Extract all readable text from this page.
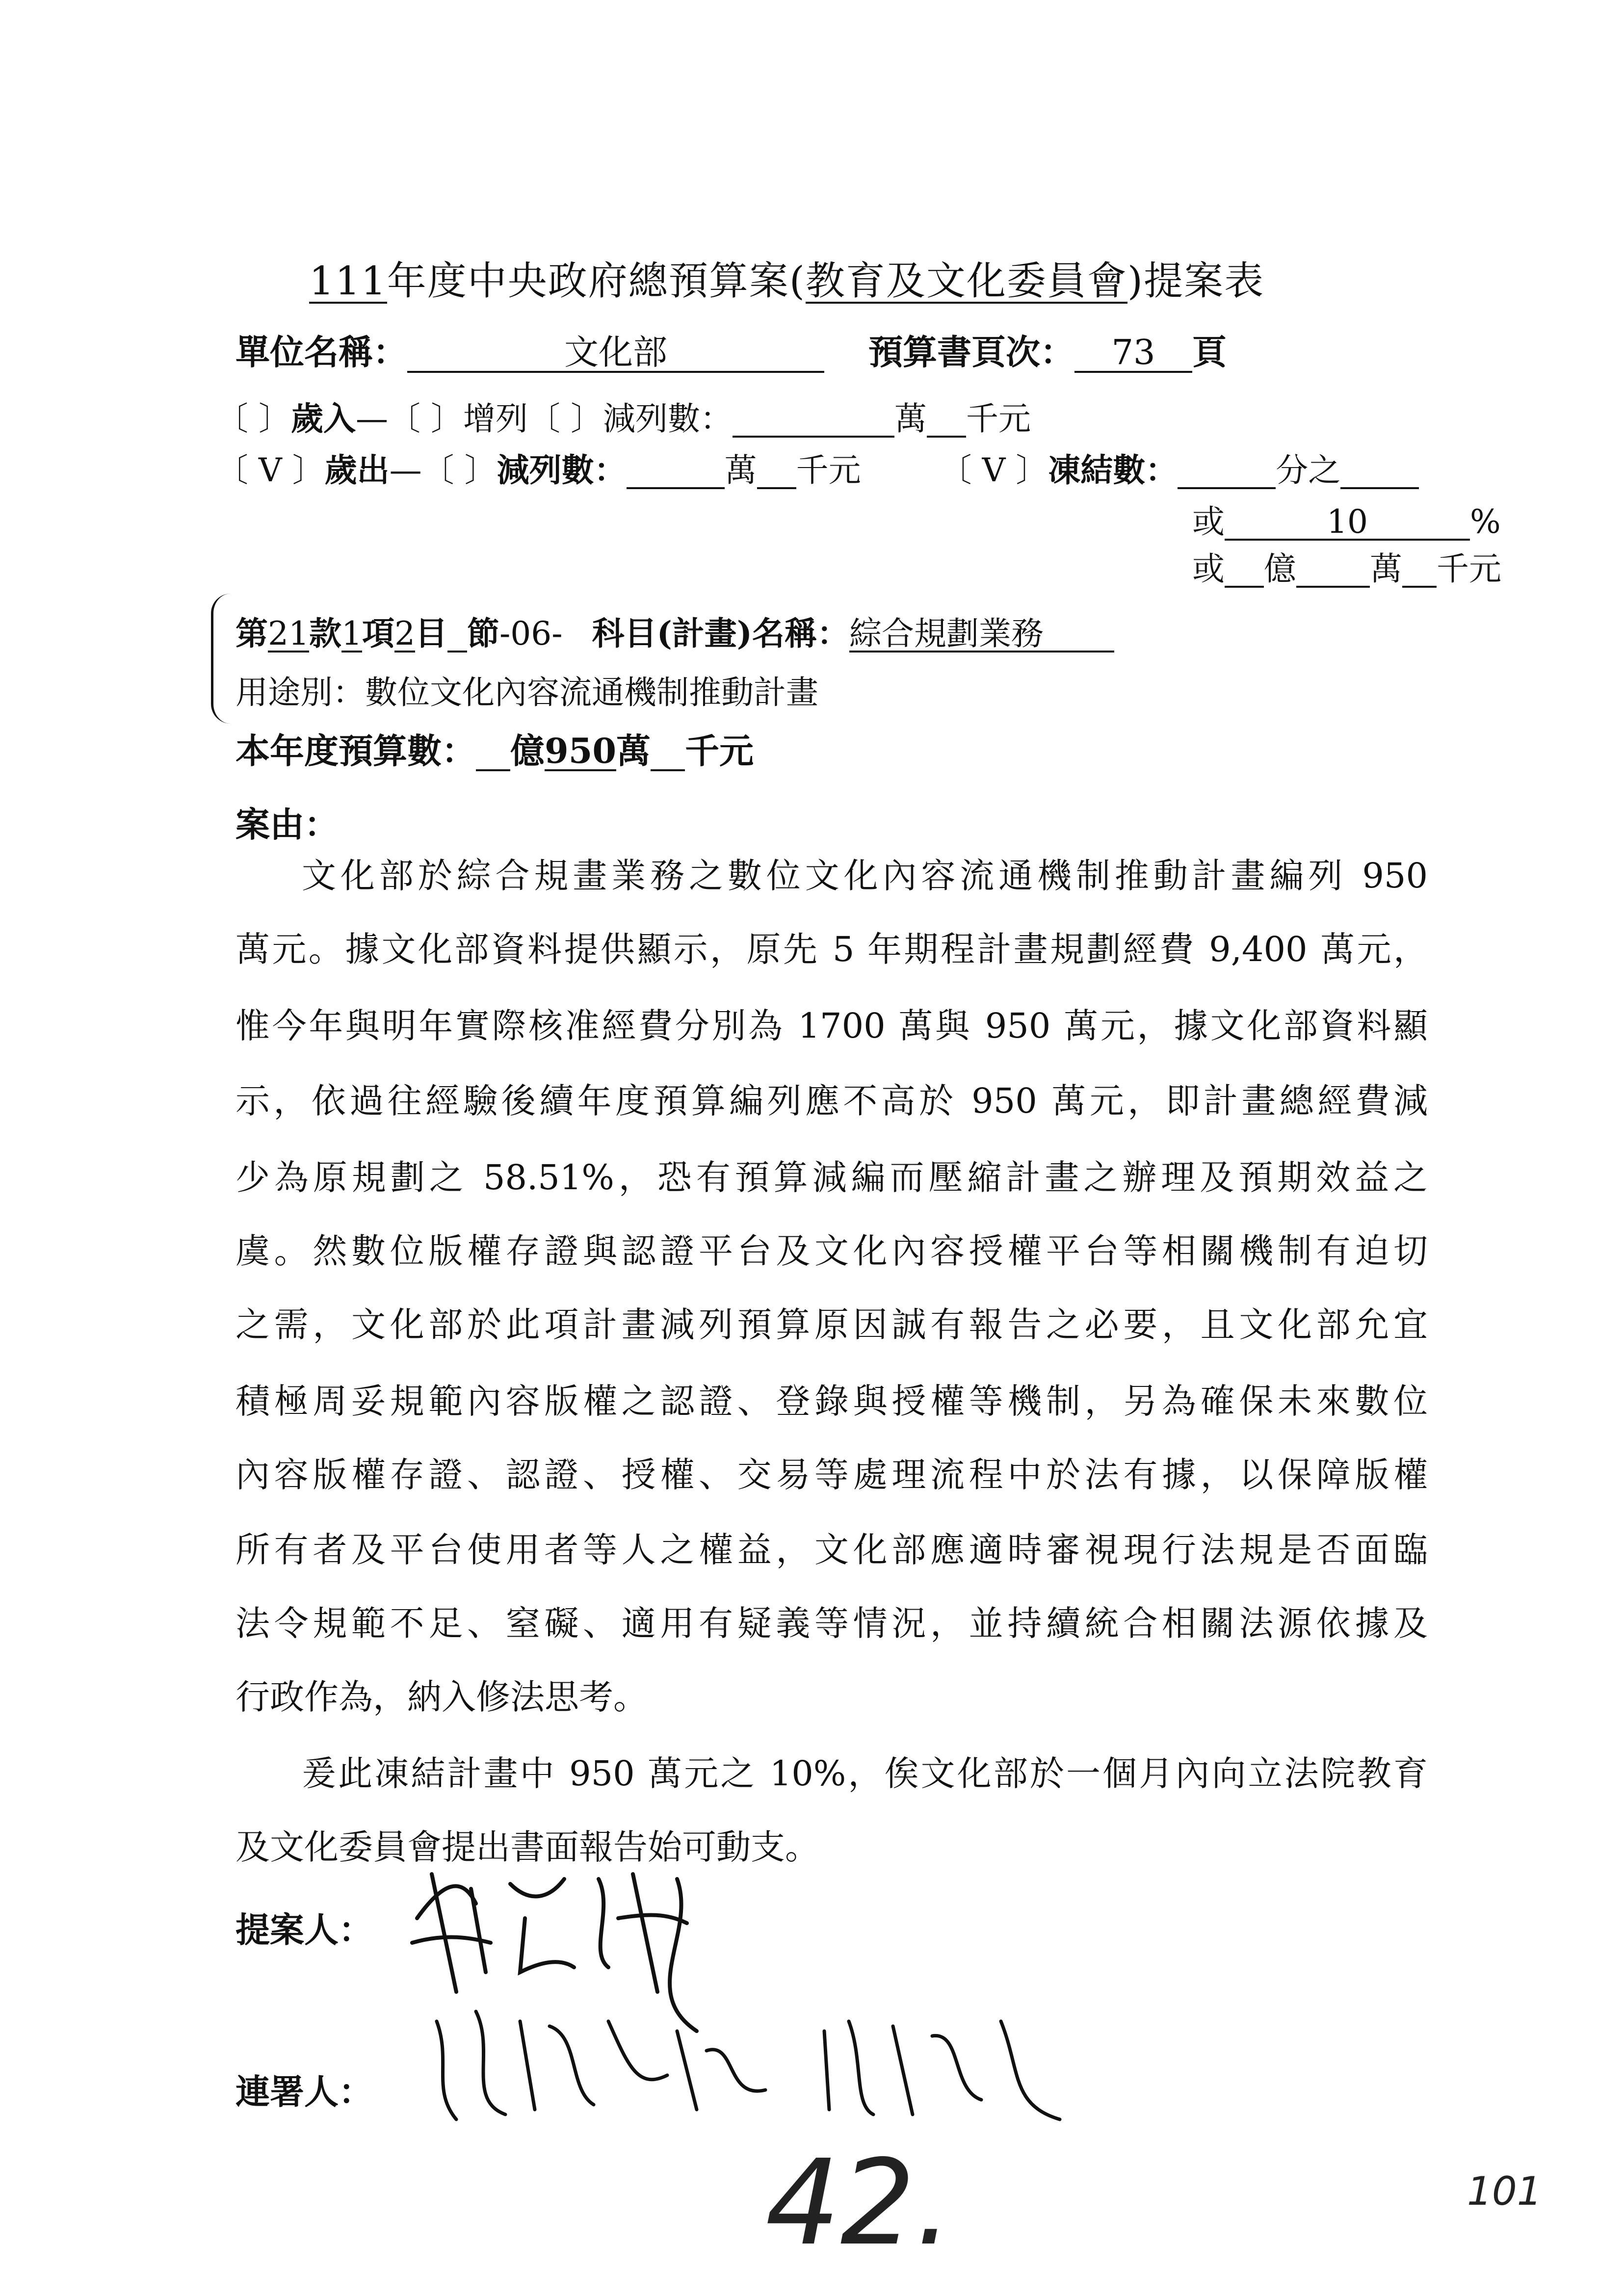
111年度中央政府總預算案(教育及文化委員會)提案表
單位名稱：	文化部	預算書頁次： 73 頁
〔 〕歲入—〔 〕增列〔 〕減列數：	萬 千元
〔 V 〕歲出—〔 〕減列數：	萬 千元 〔 V 〕凍結數：	分之
或	10	%
或 億 萬 千元
第21款1項2目 節-06- 科目(計畫)名稱：綜合規劃業務
用途別：數位文化內容流通機制推動計畫
本年度預算數： 億950萬 千元
案由：
文化部於綜合規畫業務之數位文化內容流通機制推動計畫編列 950
萬元。據文化部資料提供顯示，原先 5 年期程計畫規劃經費 9,400 萬元，
惟今年與明年實際核准經費分別為 1700 萬與 950 萬元，據文化部資料顯
示，依過往經驗後續年度預算編列應不高於 950 萬元，即計畫總經費減
少為原規劃之 58.51%，恐有預算減編而壓縮計畫之辦理及預期效益之
虞。然數位版權存證與認證平台及文化內容授權平台等相關機制有迫切
之需，文化部於此項計畫減列預算原因誠有報告之必要，且文化部允宜
積極周妥規範內容版權之認證、登錄與授權等機制，另為確保未來數位
內容版權存證、認證、授權、交易等處理流程中於法有據，以保障版權
所有者及平台使用者等人之權益，文化部應適時審視現行法規是否面臨
法令規範不足、窒礙、適用有疑義等情況，並持續統合相關法源依據及
行政作為，納入修法思考。
爰此凍結計畫中 950 萬元之 10%，俟文化部於一個月內向立法院教育
及文化委員會提出書面報告始可動支。
提案人：
連署人：
42.	101
